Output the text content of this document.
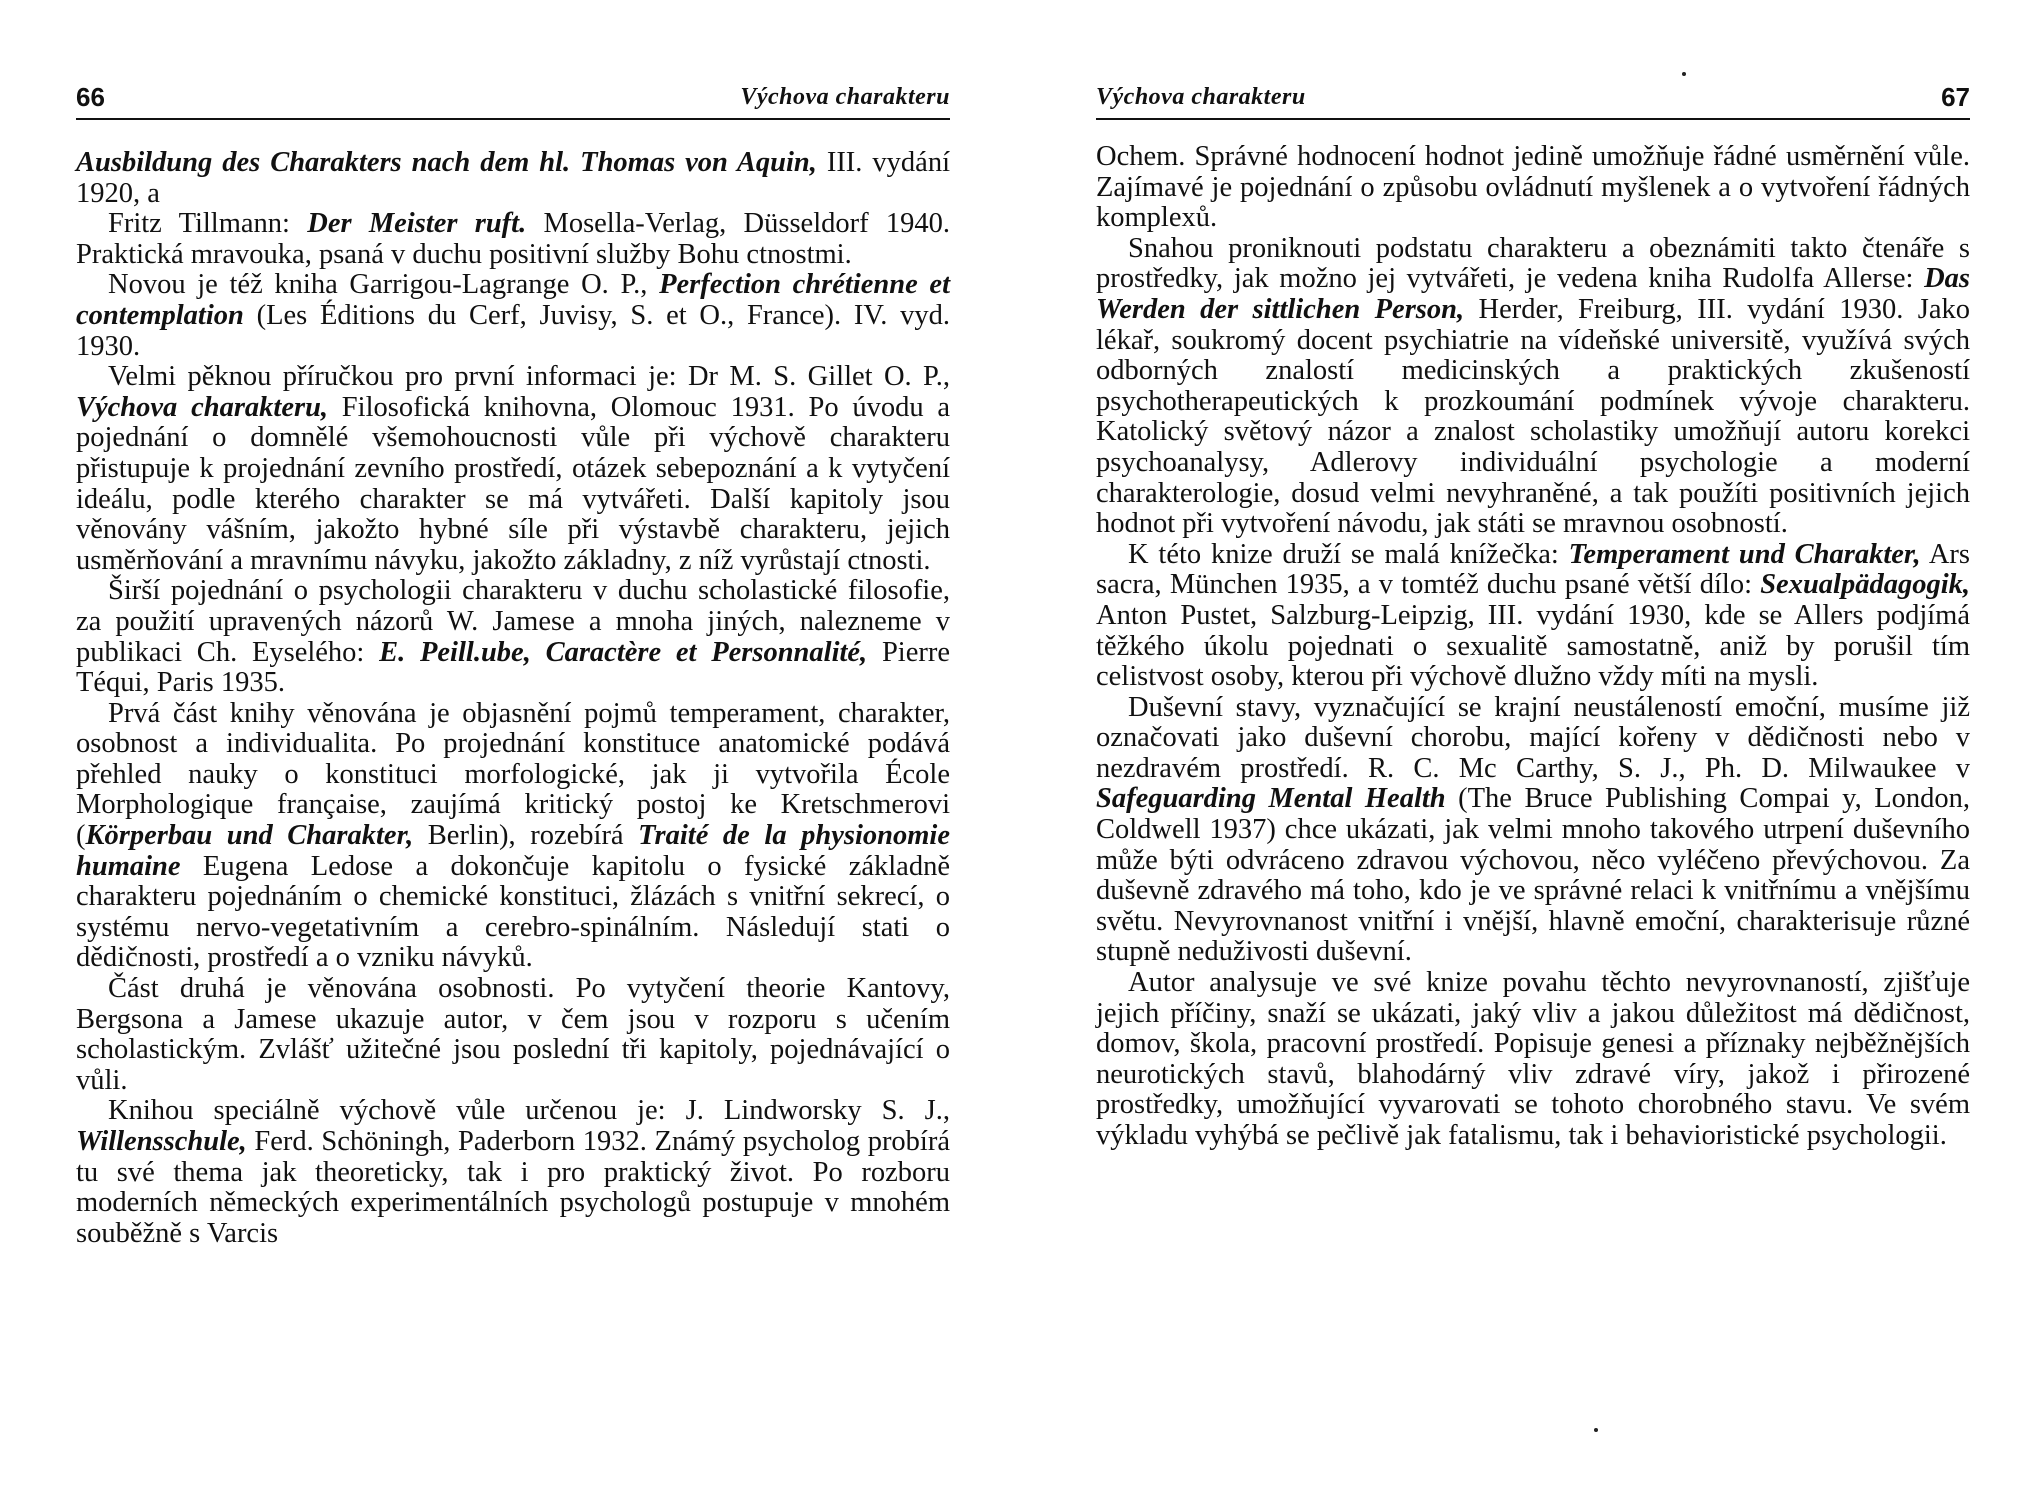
66	Výchova charakteru

Ausbildung des Charakters nach dem hl. Thomas von Aquin, III. vydání 1920, a

Fritz Tillmann: Der Meister ruft. Mosella-Verlag, Düsseldorf 1940. Praktická mravouka, psaná v duchu positivní služby Bohu ctnostmi.

Novou je též kniha Garrigou-Lagrange O. P., Perfection chrétienne et contemplation (Les Éditions du Cerf, Juvisy, S. et O., France). IV. vyd. 1930.

Velmi pěknou příručkou pro první informaci je: Dr M. S. Gillet O. P., Výchova charakteru, Filosofická knihovna, Olomouc 1931. Po úvodu a pojednání o domnělé všemohoucnosti vůle při výchově charakteru přistupuje k projednání zevního prostředí, otázek sebepoznání a k vytyčení ideálu, podle kterého charakter se má vytvářeti. Další kapitoly jsou věnovány vášním, jakožto hybné síle při výstavbě charakteru, jejich usměrňování a mravnímu návyku, jakožto základny, z níž vyrůstají ctnosti.

Širší pojednání o psychologii charakteru v duchu scholastické filosofie, za použití upravených názorů W. Jamese a mnoha jiných, nalezneme v publikaci Ch. Eyselého: E. Peill.ube, Caractère et Personnalité, Pierre Téqui, Paris 1935.

Prvá část knihy věnována je objasnění pojmů temperament, charakter, osobnost a individualita. Po projednání konstituce anatomické podává přehled nauky o konstituci morfologické, jak ji vytvořila École Morphologique française, zaujímá kritický postoj ke Kretschmerovi (Körperbau und Charakter, Berlin), rozebírá Traité de la physionomie humaine Eugena Ledose a dokončuje kapitolu o fysické základně charakteru pojednáním o chemické konstituci, žlázách s vnitřní sekrecí, o systému nervo-vegetativním a cerebro-spinálním. Následují stati o dědičnosti, prostředí a o vzniku návyků.

Část druhá je věnována osobnosti. Po vytyčení theorie Kantovy, Bergsona a Jamese ukazuje autor, v čem jsou v rozporu s učením scholastickým. Zvlášť užitečné jsou poslední tři kapitoly, pojednávající o vůli.

Knihou speciálně výchově vůle určenou je: J. Lindworsky S. J., Willensschule, Ferd. Schöningh, Paderborn 1932. Známý psycholog probírá tu své thema jak theoreticky, tak i pro praktický život. Po rozboru moderních německých experimentálních psychologů postupuje v mnohém souběžně s Varcis

Výchova charakteru	67

Ochem. Správné hodnocení hodnot jedině umožňuje řádné usměrnění vůle. Zajímavé je pojednání o způsobu ovládnutí myšlenek a o vytvoření řádných komplexů.

Snahou proniknouti podstatu charakteru a obeznámiti takto čtenáře s prostředky, jak možno jej vytvářeti, je vedena kniha Rudolfa Allerse: Das Werden der sittlichen Person, Herder, Freiburg, III. vydání 1930. Jako lékař, soukromý docent psychiatrie na vídeňské universitě, využívá svých odborných znalostí medicinských a praktických zkušeností psychotherapeutických k prozkoumání podmínek vývoje charakteru. Katolický světový názor a znalost scholastiky umožňují autoru korekci psychoanalysy, Adlerovy individuální psychologie a moderní charakterologie, dosud velmi nevyhraněné, a tak použíti positivních jejich hodnot při vytvoření návodu, jak státi se mravnou osobností.

K této knize druží se malá knížečka: Temperament und Charakter, Ars sacra, München 1935, a v tomtéž duchu psané větší dílo: Sexualpädagogik, Anton Pustet, Salzburg-Leipzig, III. vydání 1930, kde se Allers podjímá těžkého úkolu pojednati o sexualitě samostatně, aniž by porušil tím celistvost osoby, kterou při výchově dlužno vždy míti na mysli.

Duševní stavy, vyznačující se krajní neustáleností emoční, musíme již označovati jako duševní chorobu, mající kořeny v dědičnosti nebo v nezdravém prostředí. R. C. Mc Carthy, S. J., Ph. D. Milwaukee v Safeguarding Mental Health (The Bruce Publishing Compai y, London, Coldwell 1937) chce ukázati, jak velmi mnoho takového utrpení duševního může býti odvráceno zdravou výchovou, něco vyléčeno převýchovou. Za duševně zdravého má toho, kdo je ve správné relaci k vnitřnímu a vnějšímu světu. Nevyrovnanost vnitřní i vnější, hlavně emoční, charakterisuje různé stupně neduživosti duševní.

Autor analysuje ve své knize povahu těchto nevyrovnaností, zjišťuje jejich příčiny, snaží se ukázati, jaký vliv a jakou důležitost má dědičnost, domov, škola, pracovní prostředí. Popisuje genesi a příznaky nejběžnějších neurotických stavů, blahodárný vliv zdravé víry, jakož i přirozené prostředky, umožňující vyvarovati se tohoto chorobného stavu. Ve svém výkladu vyhýbá se pečlivě jak fatalismu, tak i behavioristické psychologii.
